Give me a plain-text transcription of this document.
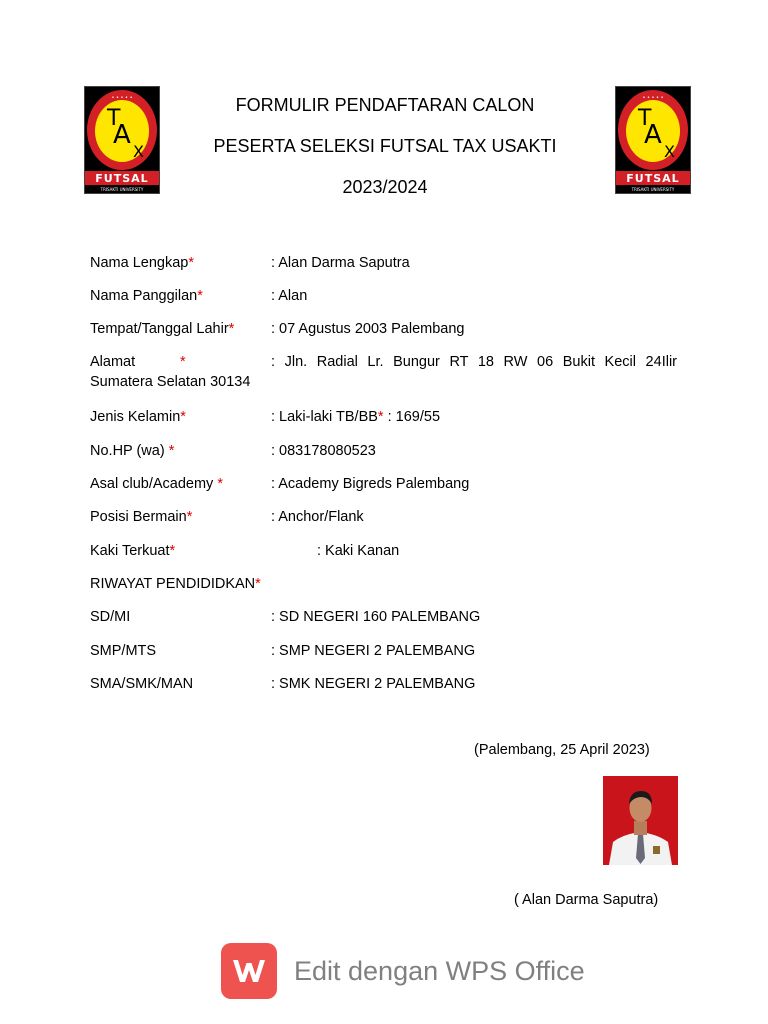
• • • • •
T
A
X
FUTSAL
TRISAKTI UNIVERSITY
• • • • •
T
A
X
FUTSAL
TRISAKTI UNIVERSITY
FORMULIR PENDAFTARAN CALON
PESERTA SELEKSI FUTSAL TAX USAKTI
2023/2024
Nama Lengkap*	: Alan Darma Saputra
Nama Panggilan*	: Alan
Tempat/Tanggal Lahir*	: 07 Agustus 2003 Palembang
Alamat	*	: Jln. Radial Lr. Bungur RT 18 RW 06 Bukit Kecil 24Ilir
Sumatera Selatan 30134
Jenis Kelamin*	: Laki-laki TB/BB* : 169/55
No.HP (wa) *	: 083178080523
Asal club/Academy *	: Academy Bigreds Palembang
Posisi Bermain*	: Anchor/Flank
Kaki Terkuat*	: Kaki Kanan
RIWAYAT PENDIDIDKAN*
SD/MI	: SD NEGERI 160 PALEMBANG
SMP/MTS	: SMP NEGERI 2 PALEMBANG
SMA/SMK/MAN	: SMK NEGERI 2 PALEMBANG
(Palembang, 25 April 2023)
( Alan Darma Saputra)
Edit dengan WPS Office
